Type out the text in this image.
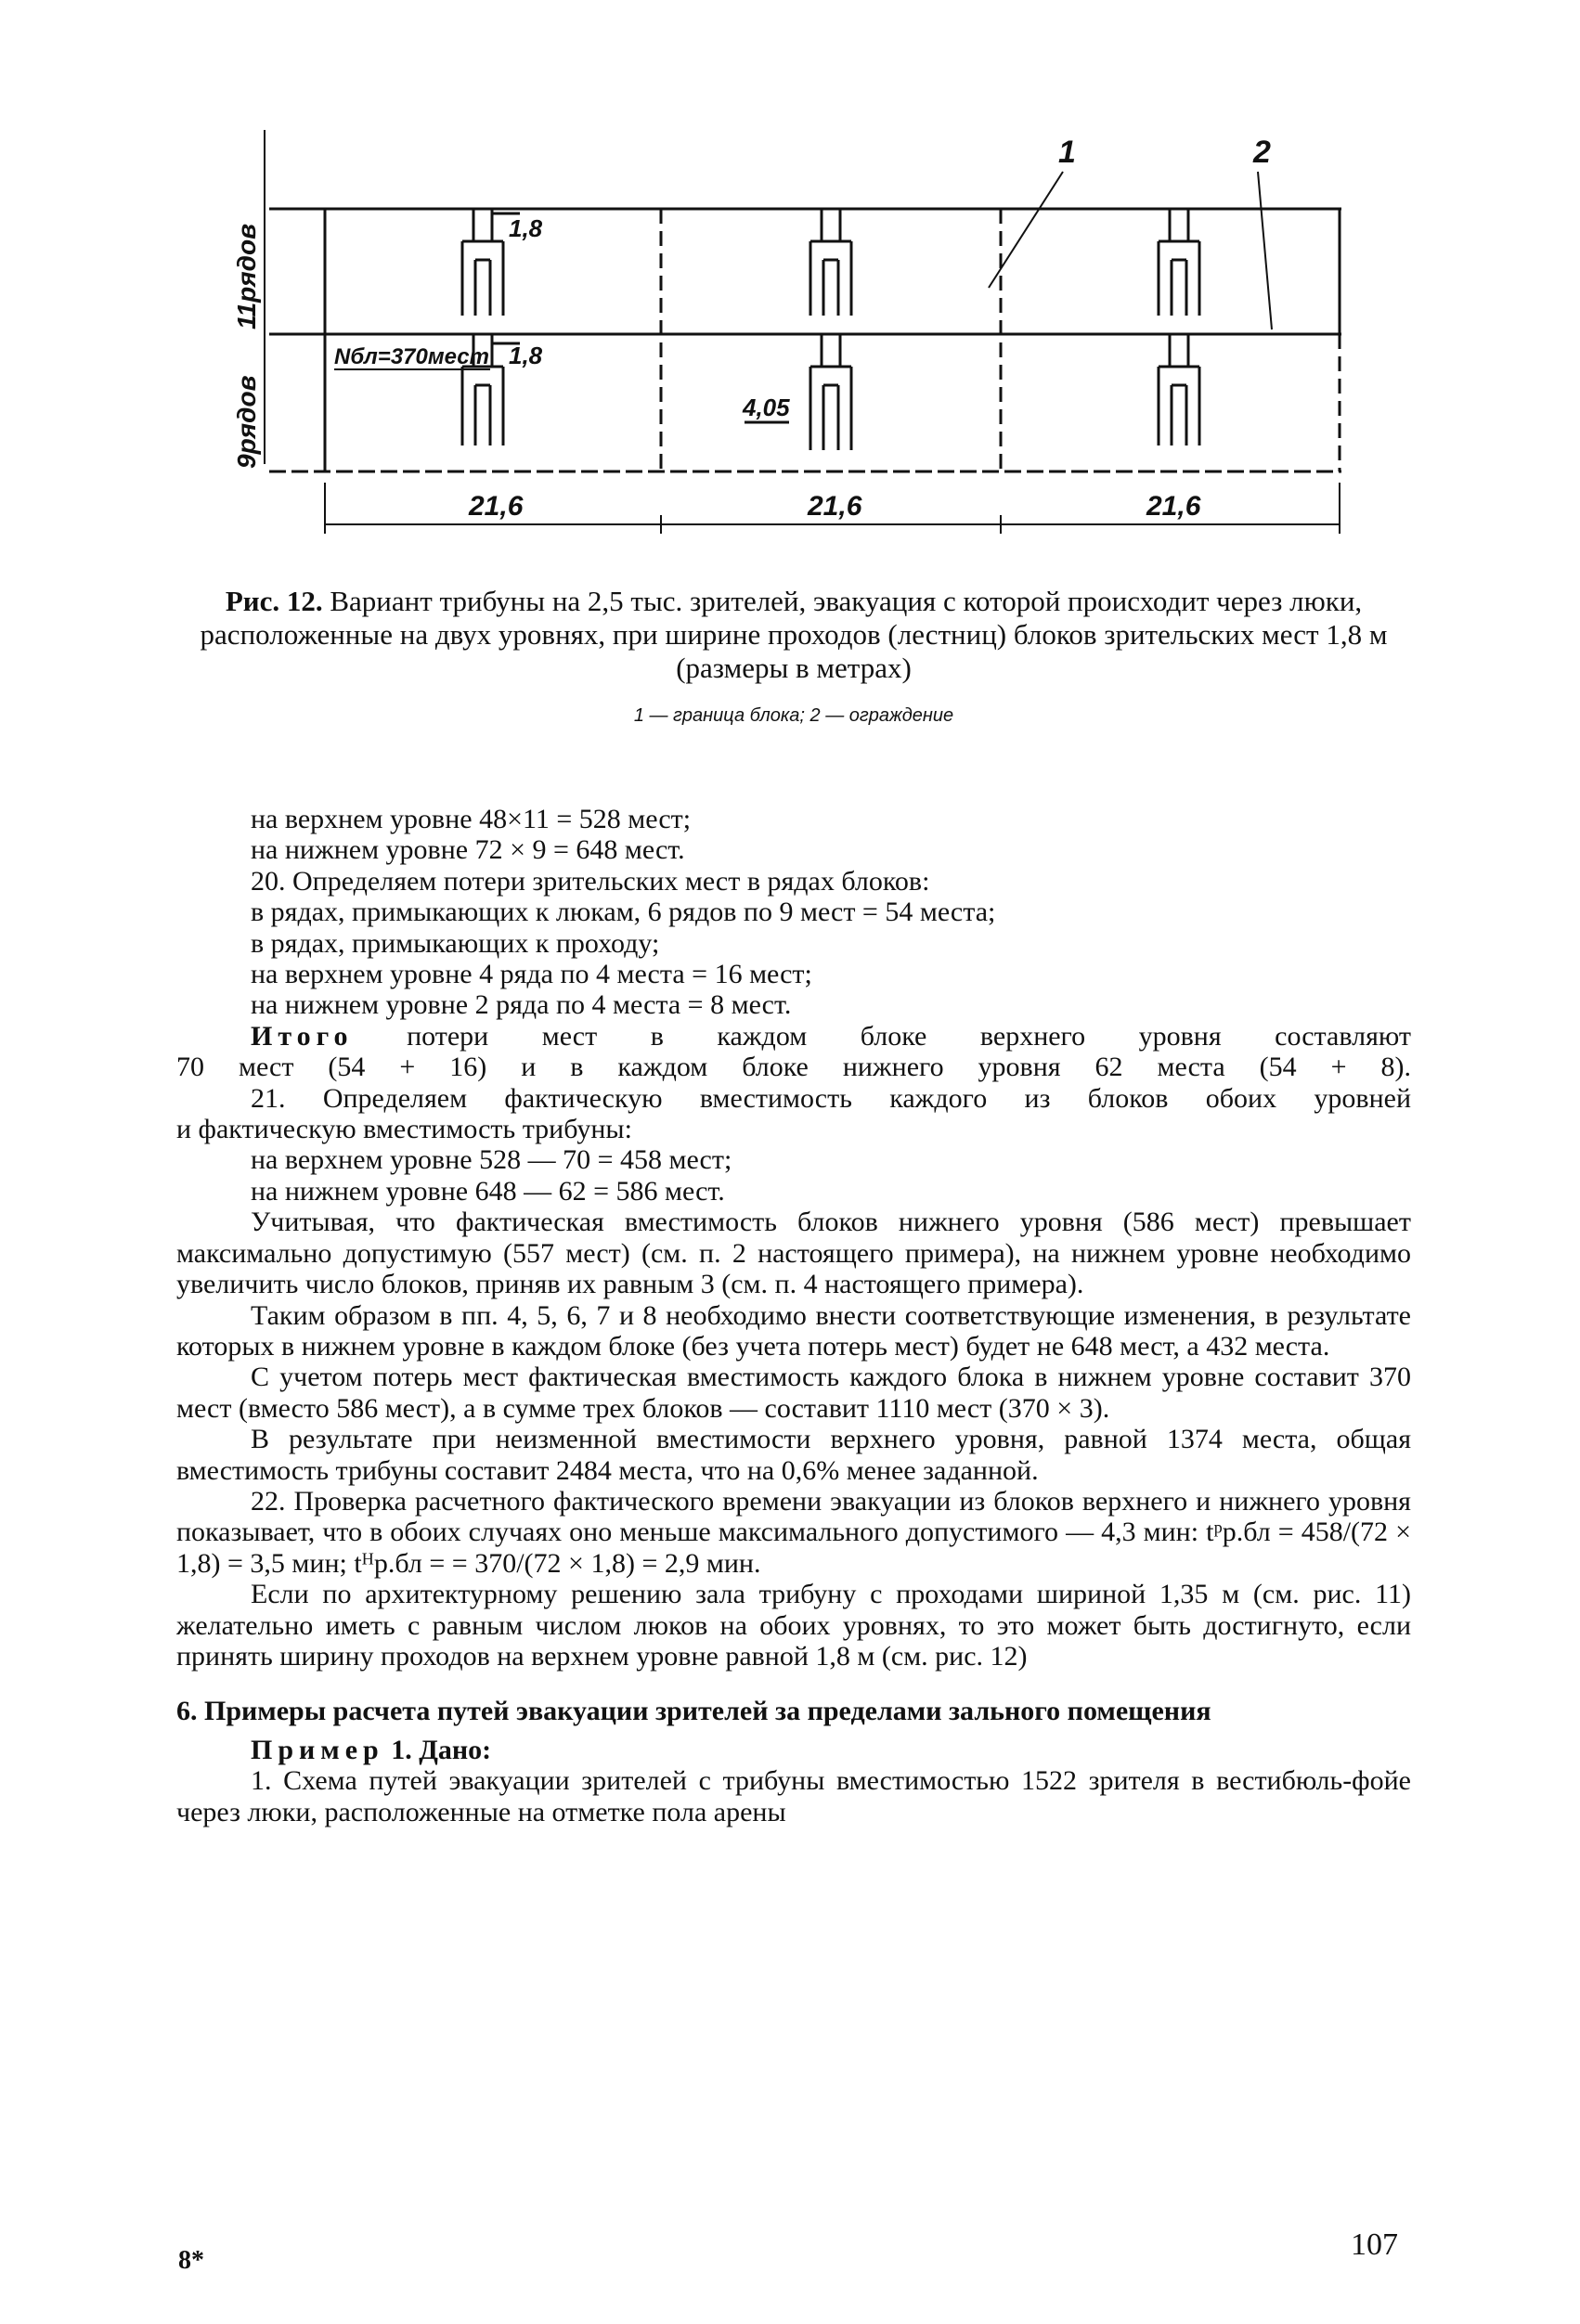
1	2
11рядов
9рядов
1,8
1,8
Nбл=370мест
4,05
21,6	21,6	21,6
Рис. 12. Вариант трибуны на 2,5 тыс. зрителей, эвакуация с которой происходит через люки, расположенные на двух уровнях, при ширине проходов (лестниц) блоков зрительских мест 1,8 м (размеры в метрах)
1 — граница блока; 2 — ограждение
на верхнем уровне 48×11 = 528 мест;
на нижнем уровне 72 × 9 = 648 мест.
20. Определяем потери зрительских мест в рядах блоков:
в рядах, примыкающих к люкам, 6 рядов по 9 мест = 54 места;
в рядах, примыкающих к проходу;
на верхнем уровне 4 ряда по 4 места = 16 мест;
на нижнем уровне 2 ряда по 4 места = 8 мест.
Итого потери мест в каждом блоке верхнего уровня составляют
70 мест (54 + 16) и в каждом блоке нижнего уровня 62 места (54 + 8).
21. Определяем фактическую вместимость каждого из блоков обоих уровней
и фактическую вместимость трибуны:
на верхнем уровне 528 — 70 = 458 мест;
на нижнем уровне 648 — 62 = 586 мест.
Учитывая, что фактическая вместимость блоков нижнего уровня (586 мест) превышает максимально допустимую (557 мест) (см. п. 2 настоящего примера), на нижнем уровне необходимо увеличить число блоков, приняв их равным 3 (см. п. 4 настоящего примера).
Таким образом в пп. 4, 5, 6, 7 и 8 необходимо внести соответствующие изменения, в результате которых в нижнем уровне в каждом блоке (без учета потерь мест) будет не 648 мест, а 432 места.
С учетом потерь мест фактическая вместимость каждого блока в нижнем уровне составит 370 мест (вместо 586 мест), а в сумме трех блоков — составит 1110 мест (370 × 3).
В результате при неизменной вместимости верхнего уровня, равной 1374 места, общая вместимость трибуны составит 2484 места, что на 0,6% менее заданной.
22. Проверка расчетного фактического времени эвакуации из блоков верхнего и нижнего уровня показывает, что в обоих случаях оно меньше максимального допустимого — 4,3 мин: tᵖр.бл = 458/(72 × 1,8) = 3,5 мин; tᴴр.бл = = 370/(72 × 1,8) = 2,9 мин.
Если по архитектурному решению зала трибуну с проходами шириной 1,35 м (см. рис. 11) желательно иметь с равным числом люков на обоих уровнях, то это может быть достигнуто, если принять ширину проходов на верхнем уровне равной 1,8 м (см. рис. 12)
6. Примеры расчета путей эвакуации зрителей за пределами зального помещения
Пример 1. Дано:
1. Схема путей эвакуации зрителей с трибуны вместимостью 1522 зрителя в вестибюль-фойе через люки, расположенные на отметке пола арены
8*	107
